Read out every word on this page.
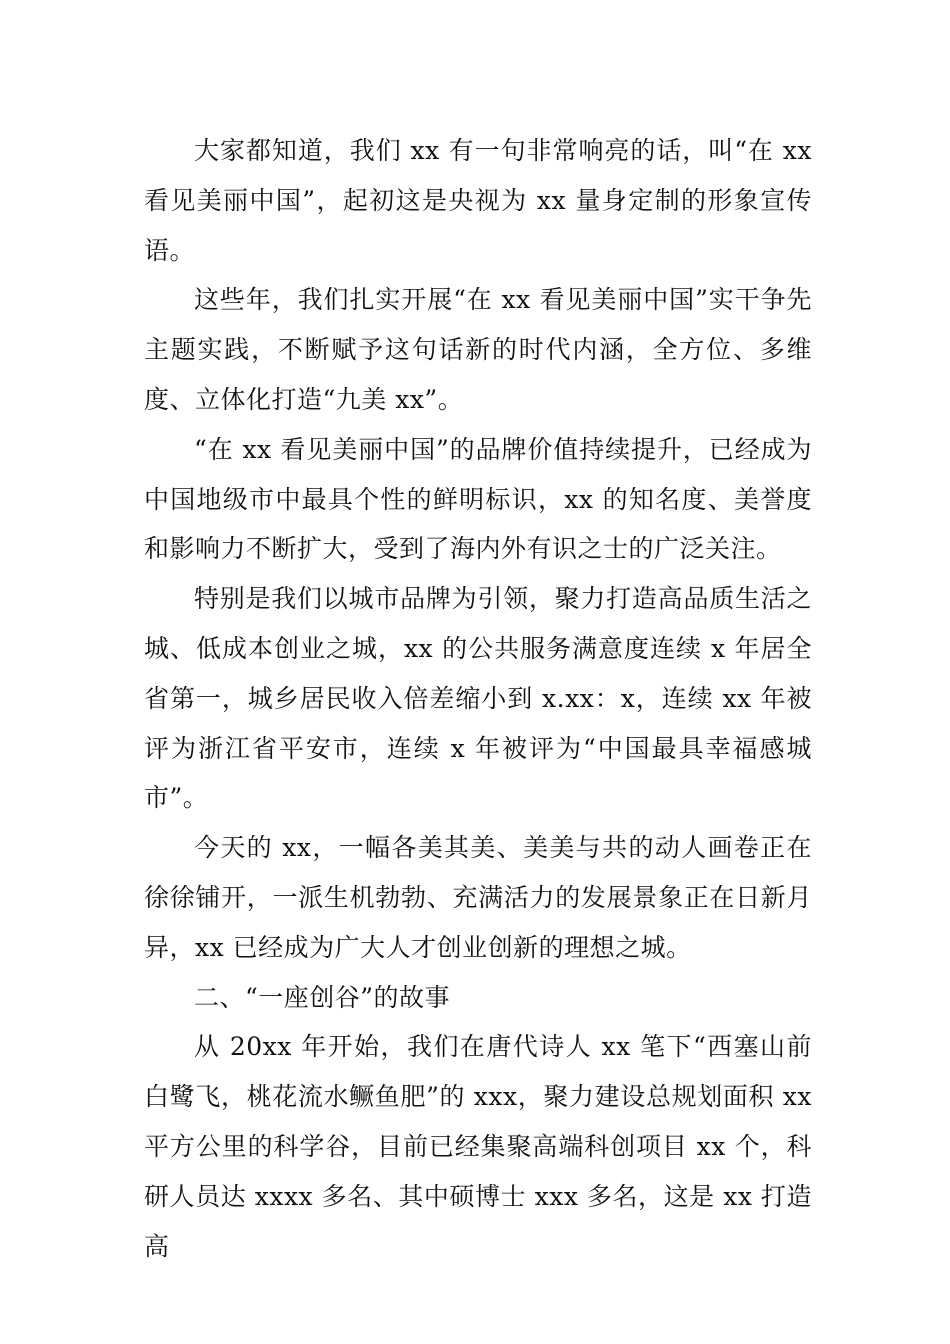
大家都知道，我们 xx 有一句非常响亮的话，叫“在 xx 看见美丽中国”，起初这是央视为 xx 量身定制的形象宣传语。

这些年，我们扎实开展“在 xx 看见美丽中国”实干争先主题实践，不断赋予这句话新的时代内涵，全方位、多维度、立体化打造“九美 xx”。

“在 xx 看见美丽中国”的品牌价值持续提升，已经成为中国地级市中最具个性的鲜明标识，xx 的知名度、美誉度和影响力不断扩大，受到了海内外有识之士的广泛关注。

特别是我们以城市品牌为引领，聚力打造高品质生活之城、低成本创业之城，xx 的公共服务满意度连续 x 年居全省第一，城乡居民收入倍差缩小到 x.xx：x，连续 xx 年被评为浙江省平安市，连续 x 年被评为“中国最具幸福感城市”。

今天的 xx，一幅各美其美、美美与共的动人画卷正在徐徐铺开，一派生机勃勃、充满活力的发展景象正在日新月异，xx 已经成为广大人才创业创新的理想之城。

二、“一座创谷”的故事

从 20xx 年开始，我们在唐代诗人 xx 笔下“西塞山前白鹭飞，桃花流水鳜鱼肥”的 xxx，聚力建设总规划面积 xx 平方公里的科学谷，目前已经集聚高端科创项目 xx 个，科研人员达 xxxx 多名、其中硕博士 xxx 多名，这是 xx 打造高
